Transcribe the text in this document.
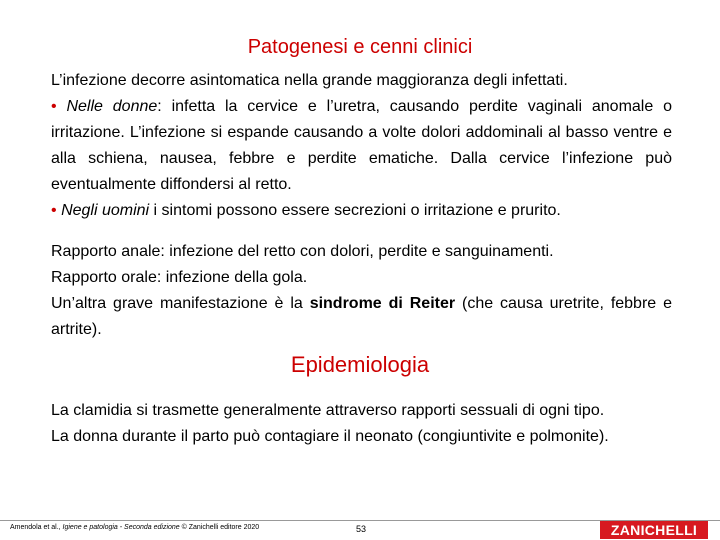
Patogenesi e cenni clinici

L’infezione decorre asintomatica nella grande maggioranza degli infettati.

• Nelle donne: infetta la cervice e l’uretra, causando perdite vaginali anomale o irritazione. L’infezione si espande causando a volte dolori addominali al basso ventre e alla schiena, nausea, febbre e perdite ematiche. Dalla cervice l’infezione può eventualmente diffondersi al retto.

• Negli uomini i sintomi possono essere secrezioni o irritazione e prurito.

Rapporto anale: infezione del retto con dolori, perdite e sanguinamenti.

Rapporto orale: infezione della gola.

Un’altra grave manifestazione è la sindrome di Reiter (che causa uretrite, febbre e artrite).

Epidemiologia

La clamidia si trasmette generalmente attraverso rapporti sessuali di ogni tipo.

La donna durante il parto può contagiare il neonato (congiuntivite e polmonite).

Amendola et al., Igiene e patologia - Seconda edizione © Zanichelli editore 2020	53	ZANICHELLI
